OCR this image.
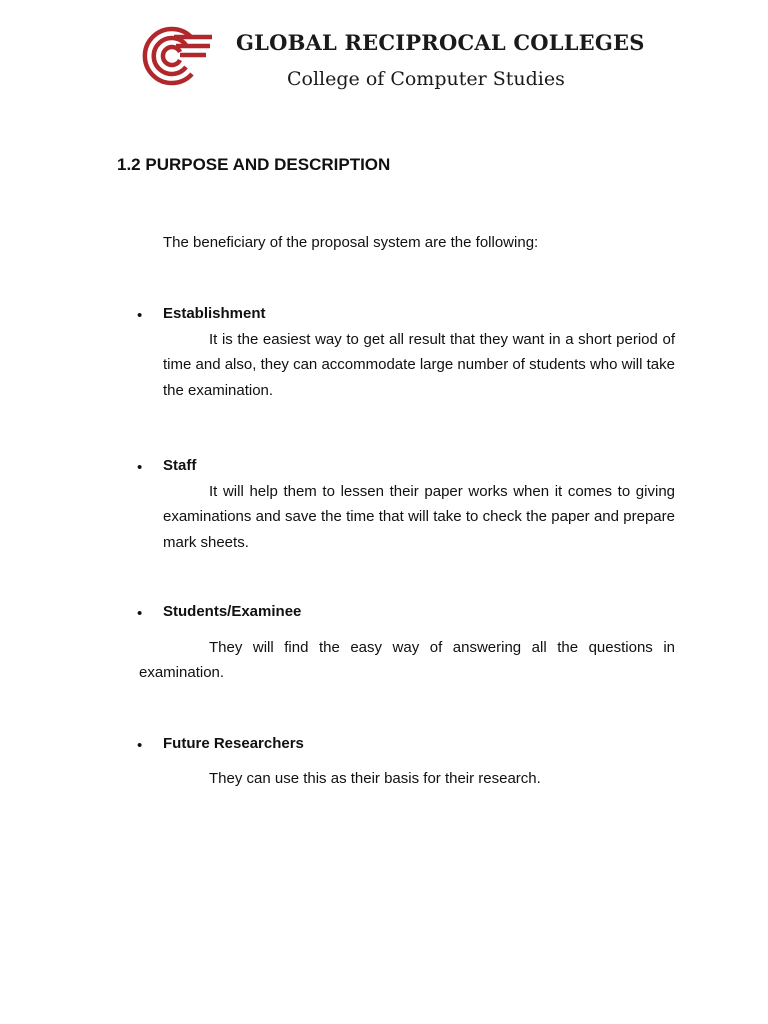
GLOBAL RECIPROCAL COLLEGES
College of Computer Studies
1.2 PURPOSE AND DESCRIPTION
The beneficiary of the proposal system are the following:
• Establishment
It is the easiest way to get all result that they want in a short period of time and also, they can accommodate large number of students who will take the examination.
• Staff
It will help them to lessen their paper works when it comes to giving examinations and save the time that will take to check the paper and prepare mark sheets.
• Students/Examinee
They will find the easy way of answering all the questions in examination.
• Future Researchers
They can use this as their basis for their research.
